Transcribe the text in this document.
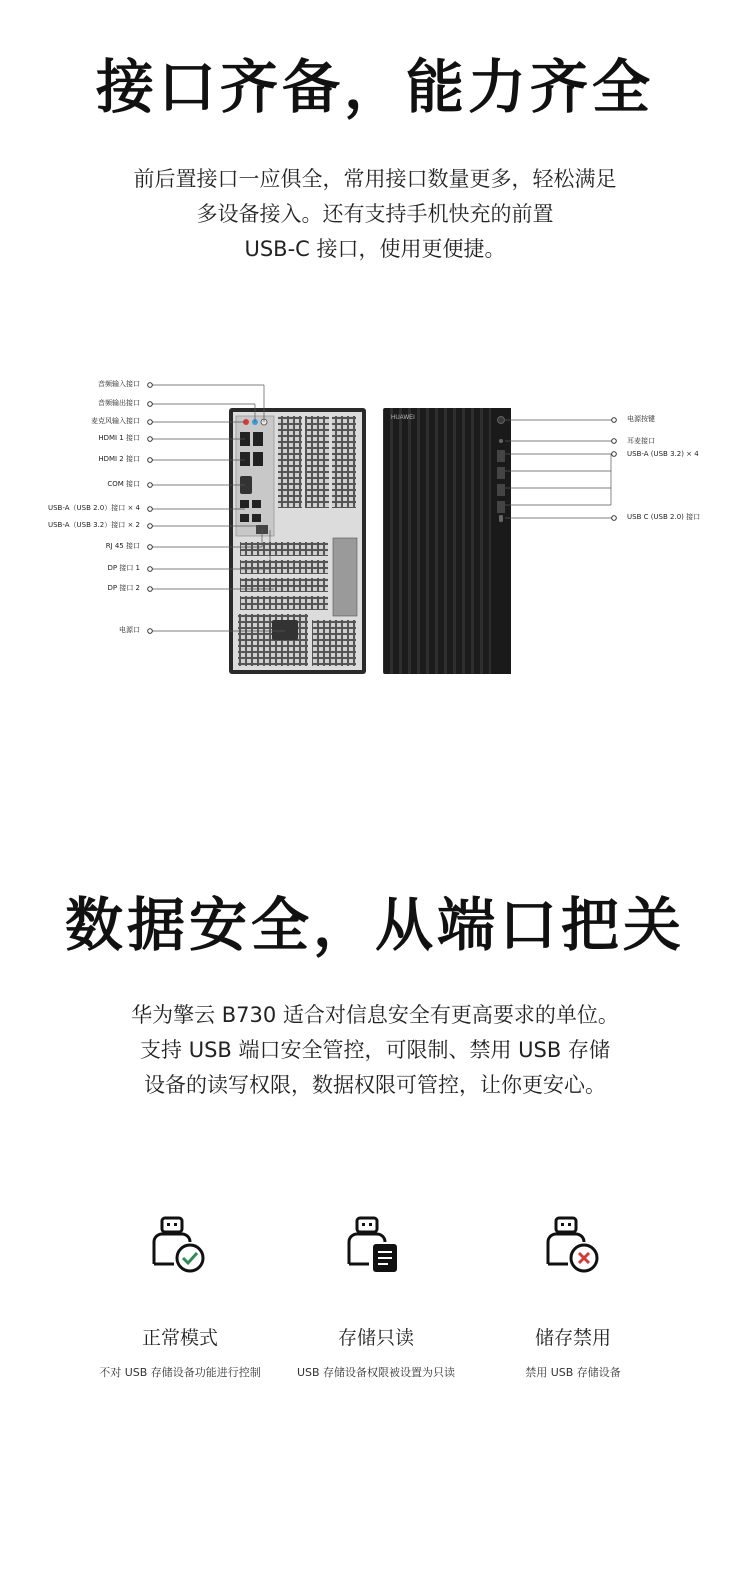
接口齐备，能力齐全
前后置接口一应俱全，常用接口数量更多，轻松满足
多设备接入。还有支持手机快充的前置
USB-C 接口，使用更便捷。
音频输入接口
音频输出接口
麦克风输入接口
HDMI 1 接口
HDMI 2 接口
COM 接口
USB-A（USB 2.0）接口 × 4
USB-A（USB 3.2）接口 × 2
RJ 45 接口
DP 接口 1
DP 接口 2
电源口
电源按键
耳麦接口
USB-A (USB 3.2) × 4
USB C (USB 2.0) 接口
HUAWEI
数据安全，从端口把关
华为擎云 B730 适合对信息安全有更高要求的单位。
支持 USB 端口安全管控，可限制、禁用 USB 存储
设备的读写权限，数据权限可管控，让你更安心。
正常模式
不对 USB 存储设备功能进行控制
存储只读
USB 存储设备权限被设置为只读
储存禁用
禁用 USB 存储设备
